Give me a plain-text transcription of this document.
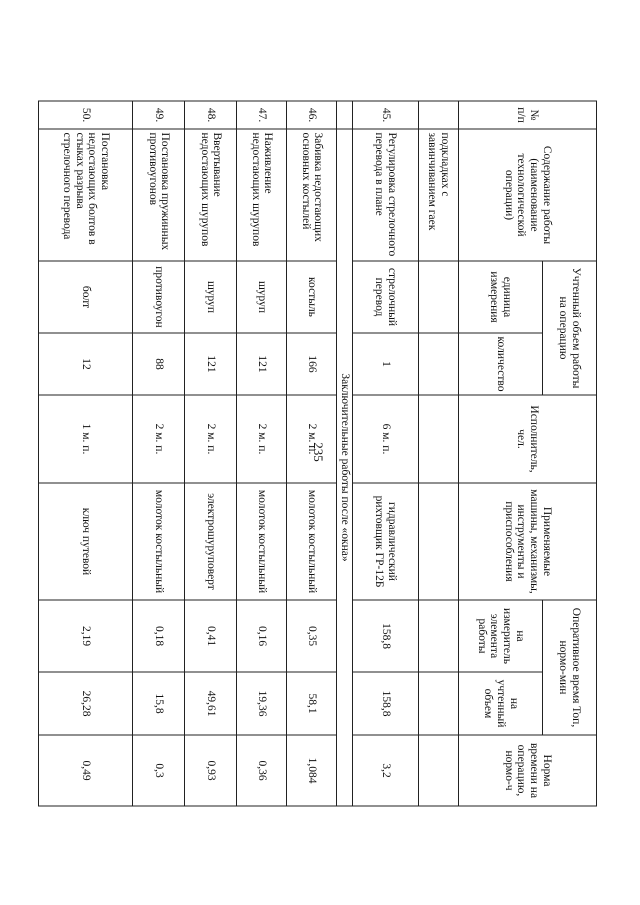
235
№ п/п	Содержание работы (наименование технологической операции)	Учтенный объем работы на операцию		Исполнитель, чел.	Применяемые машины, механизмы, инструменты и приспособления	Оперативное время Топ, нормо-мин		Норма времени на операцию, нормо-ч
		единица измерения	количество			на измеритель элемента работы	на учтенный объем	
	подкладках с завинчиванием гаек							
45.	Регулировка стрелочного перевода в плане	стрелочный перевод	1	6 м. п.	гидравлический рихтовщик ГР-12Б	158,8	158,8	3,2
	Заключительные работы после «окна»							
46.	Забивка недостающих основных костылей	костыль	166	2 м. п.	молоток костыльный	0,35	58,1	1,084
47.	Наживление недостающих шурупов	шуруп	121	2 м. п.	молоток костыльный	0,16	19,36	0,36
48.	Ввертывание недостающих шурупов	шуруп	121	2 м. п.	электрошуруповерт	0,41	49,61	0,93
49.	Постановка пружинных противоугонов	противоугон	88	2 м. п.	молоток костыльный	0,18	15,8	0,3
50.	Постановка недостающих болтов в стыках разрыва стрелочного перевода	болт	12	1 м. п.	ключ путевой	2,19	26,28	0,49
